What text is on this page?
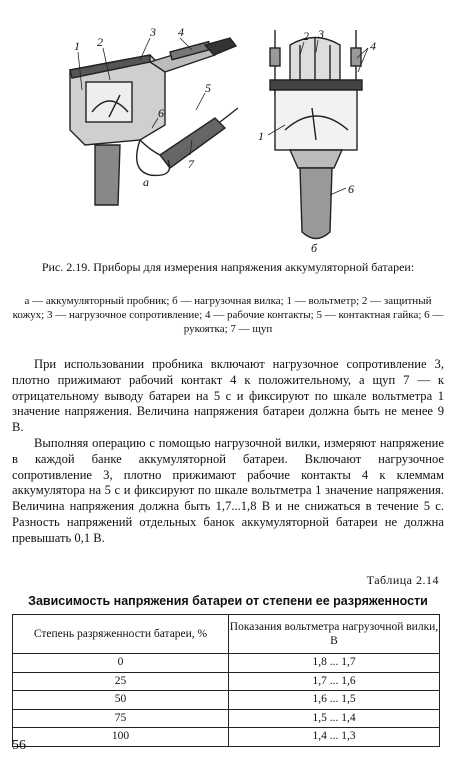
2
3 4
1
5
6
7
а
1
2 3
4
6
б
Рис. 2.19. Приборы для измерения напряжения аккумуляторной батареи:
а — аккумуляторный пробник; б — нагрузочная вилка; 1 — вольтметр; 2 — защитный кожух; 3 — нагрузочное сопротивление; 4 — рабочие контакты; 5 — контактная гайка; 6 — рукоятка; 7 — щуп

При использовании пробника включают нагрузочное сопротивление 3, плотно прижимают рабочий контакт 4 к положительному, а щуп 7 — к отрицательному выводу батареи на 5 с и фиксируют по шкале вольтметра 1 значение напряжения. Величина напряжения батареи должна быть не менее 9 В.

Выполняя операцию с помощью нагрузочной вилки, измеряют напряжение в каждой банке аккумуляторной батареи. Включают нагрузочное сопротивление 3, плотно прижимают рабочие контакты 4 к клеммам аккумулятора на 5 с и фиксируют по шкале вольтметра 1 значение напряжения. Величина напряжения должна быть 1,7...1,8 В и не снижаться в течение 5 с. Разность напряжений отдельных банок аккумуляторной батареи не должна превышать 0,1 В.

Таблица 2.14
Зависимость напряжения батареи от степени ее разряженности
Степень разряженности батареи, %	Показания вольтметра нагрузочной вилки, В
0	1,8 ... 1,7
25	1,7 ... 1,6
50	1,6 ... 1,5
75	1,5 ... 1,4
100	1,4 ... 1,3
56
